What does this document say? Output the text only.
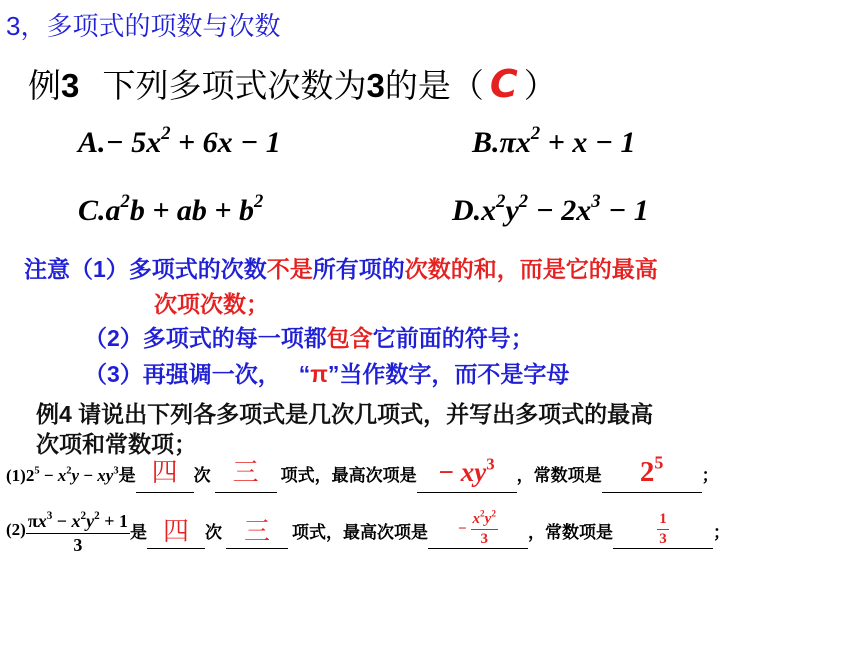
3，多项式的项数与次数
例3 下列多项式次数为3的是（ C ）
$A.- 5x^2 + 6x - 1$	$B.\pi x^2 + x - 1$
$C.a^2b$ + ab + $b^2$	$D.x^2y^2 - 2x^3 - 1$
注意（1）多项式的次数不是所有项的次数的和，而是它的最高
次项次数；
（2）多项式的每一项都包含它前面的符号；
（3）再强调一次， “π”当作数字，而不是字母
例4 请说出下列各多项式是几次几项式，并写出多项式的最高
次项和常数项；
$(1)2^5 - x^2y - xy^3$是 四 次 三 项式，最高次项是 − $xy^3$，常数项是 $2^5$；
$(2) \frac{\pi x^3 - x^2y^2 + 1}{3}$ 是 四 次 三	项式，最高次项是 − $\frac{x^2y^2}{3}$ ，常数项是	$\frac{1}{3}$	；
